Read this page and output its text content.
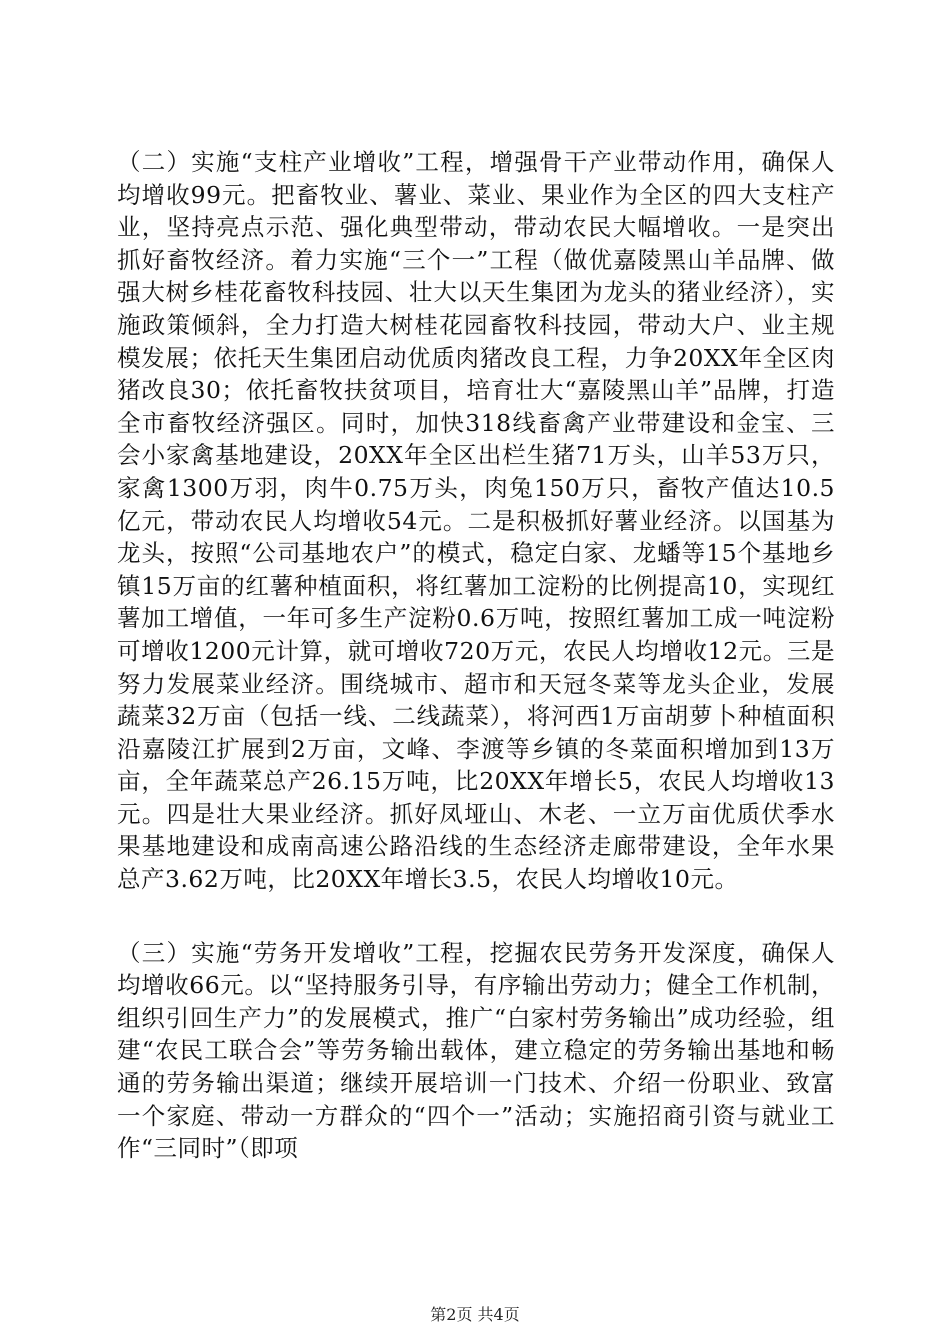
（二）实施“支柱产业增收”工程，增强骨干产业带动作用，确保人均增收99元。把畜牧业、薯业、菜业、果业作为全区的四大支柱产业，坚持亮点示范、强化典型带动，带动农民大幅增收。一是突出抓好畜牧经济。着力实施“三个一”工程（做优嘉陵黑山羊品牌、做强大树乡桂花畜牧科技园、壮大以天生集团为龙头的猪业经济），实施政策倾斜，全力打造大树桂花园畜牧科技园，带动大户、业主规模发展；依托天生集团启动优质肉猪改良工程，力争20XX年全区肉猪改良30；依托畜牧扶贫项目，培育壮大“嘉陵黑山羊”品牌，打造全市畜牧经济强区。同时，加快318线畜禽产业带建设和金宝、三会小家禽基地建设，20XX年全区出栏生猪71万头，山羊53万只，家禽1300万羽，肉牛0.75万头，肉兔150万只，畜牧产值达10.5亿元，带动农民人均增收54元。二是积极抓好薯业经济。以国基为龙头，按照“公司基地农户”的模式，稳定白家、龙蟠等15个基地乡镇15万亩的红薯种植面积，将红薯加工淀粉的比例提高10，实现红薯加工增值，一年可多生产淀粉0.6万吨，按照红薯加工成一吨淀粉可增收1200元计算，就可增收720万元，农民人均增收12元。三是努力发展菜业经济。围绕城市、超市和天冠冬菜等龙头企业，发展蔬菜32万亩（包括一线、二线蔬菜），将河西1万亩胡萝卜种植面积沿嘉陵江扩展到2万亩，文峰、李渡等乡镇的冬菜面积增加到13万亩，全年蔬菜总产26.15万吨，比20XX年增长5，农民人均增收13元。四是壮大果业经济。抓好凤垭山、木老、一立万亩优质伏季水果基地建设和成南高速公路沿线的生态经济走廊带建设，全年水果总产3.62万吨，比20XX年增长3.5，农民人均增收10元。

（三）实施“劳务开发增收”工程，挖掘农民劳务开发深度，确保人均增收66元。以“坚持服务引导，有序输出劳动力；健全工作机制，组织引回生产力”的发展模式，推广“白家村劳务输出”成功经验，组建“农民工联合会”等劳务输出载体，建立稳定的劳务输出基地和畅通的劳务输出渠道；继续开展培训一门技术、介绍一份职业、致富一个家庭、带动一方群众的“四个一”活动；实施招商引资与就业工作“三同时”（即项

第2页 共4页
